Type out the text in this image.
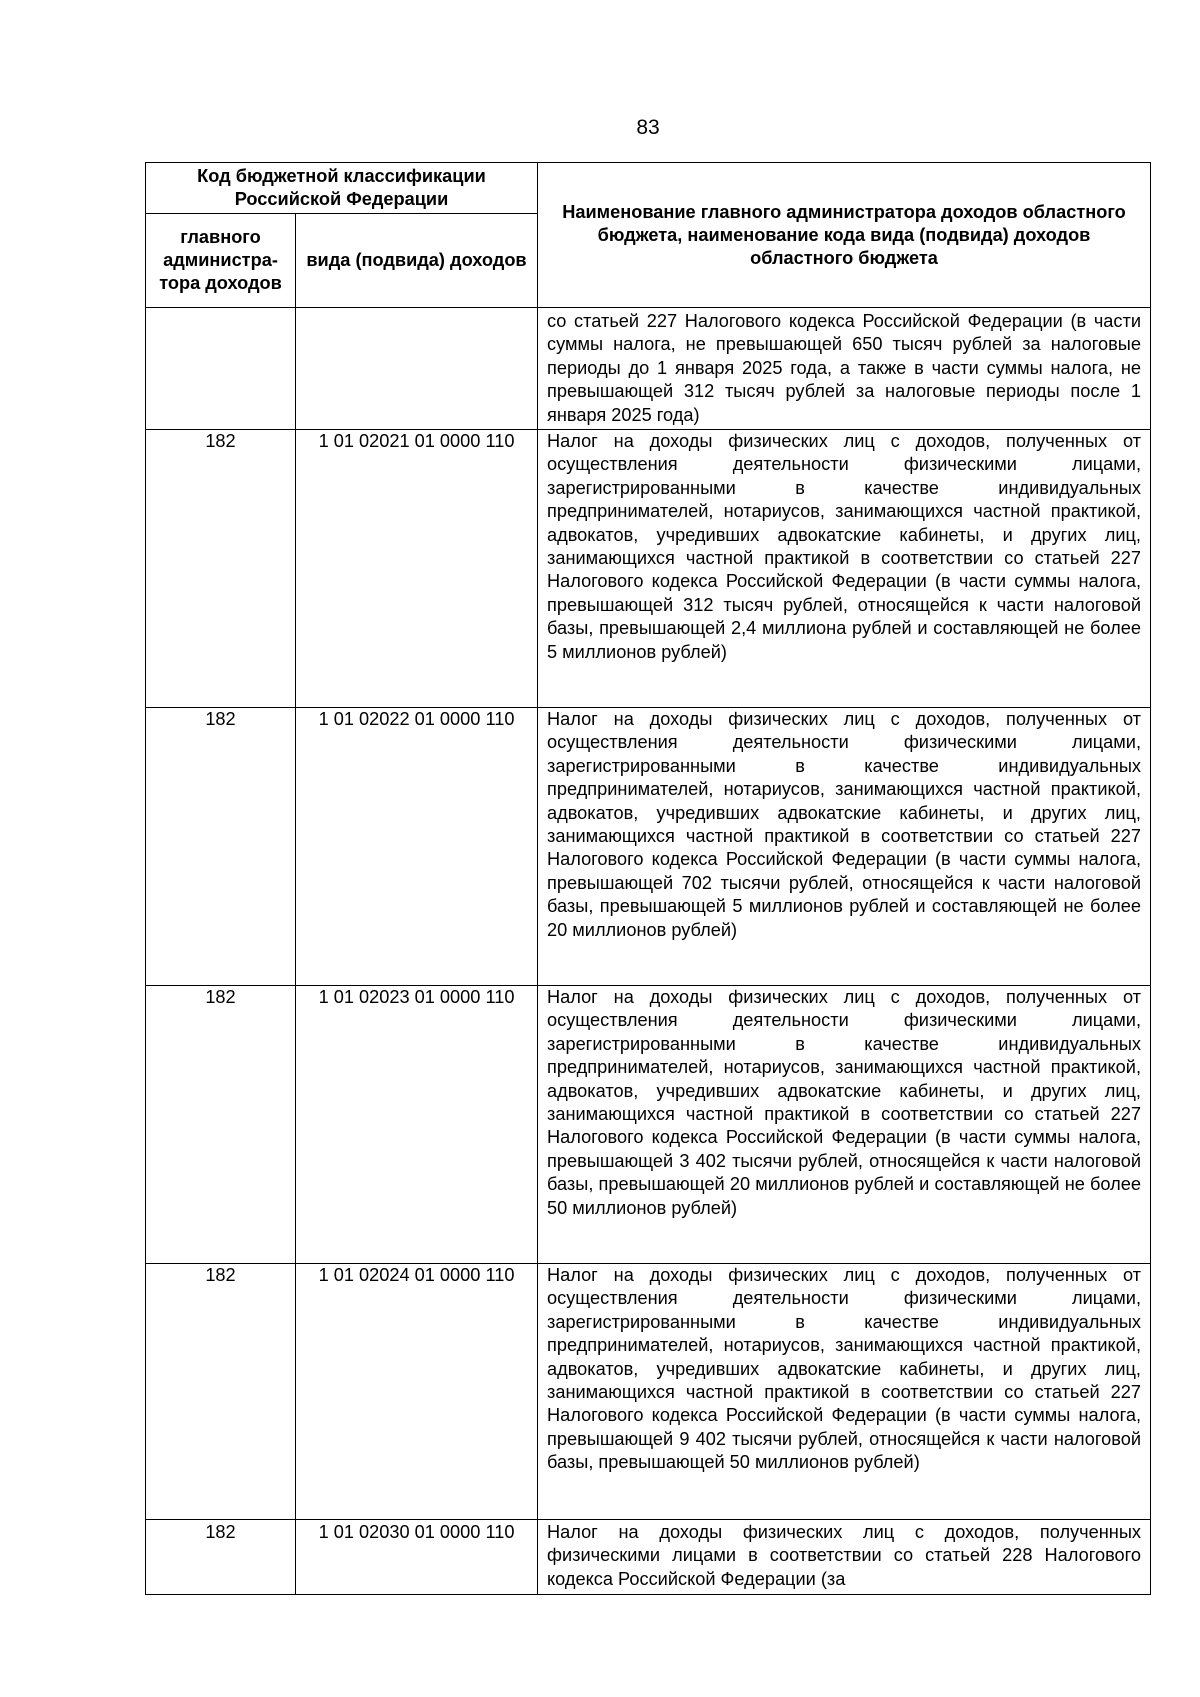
83
Код бюджетной классификации Российской Федерации		Наименование главного администратора доходов областного бюджета, наименование кода вида (подвида) доходов областного бюджета
главного администра-тора доходов	вида (подвида) доходов	
		со статьей 227 Налогового кодекса Российской Федерации (в части суммы налога, не превышающей 650 тысяч рублей за налоговые периоды до 1 января 2025 года, а также в части суммы налога, не превышающей 312 тысяч рублей за налоговые периоды после 1 января 2025 года)
182	1 01 02021 01 0000 110	Налог на доходы физических лиц с доходов, полученных от осуществления деятельности физическими лицами, зарегистрированными в качестве индивидуальных предпринимателей, нотариусов, занимающихся частной практикой, адвокатов, учредивших адвокатские кабинеты, и других лиц, занимающихся частной практикой в соответствии со статьей 227 Налогового кодекса Российской Федерации (в части суммы налога, превышающей 312 тысяч рублей, относящейся к части налоговой базы, превышающей 2,4 миллиона рублей и составляющей не более 5 миллионов рублей)
182	1 01 02022 01 0000 110	Налог на доходы физических лиц с доходов, полученных от осуществления деятельности физическими лицами, зарегистрированными в качестве индивидуальных предпринимателей, нотариусов, занимающихся частной практикой, адвокатов, учредивших адвокатские кабинеты, и других лиц, занимающихся частной практикой в соответствии со статьей 227 Налогового кодекса Российской Федерации (в части суммы налога, превышающей 702 тысячи рублей, относящейся к части налоговой базы, превышающей 5 миллионов рублей и составляющей не более 20 миллионов рублей)
182	1 01 02023 01 0000 110	Налог на доходы физических лиц с доходов, полученных от осуществления деятельности физическими лицами, зарегистрированными в качестве индивидуальных предпринимателей, нотариусов, занимающихся частной практикой, адвокатов, учредивших адвокатские кабинеты, и других лиц, занимающихся частной практикой в соответствии со статьей 227 Налогового кодекса Российской Федерации (в части суммы налога, превышающей 3 402 тысячи рублей, относящейся к части налоговой базы, превышающей 20 миллионов рублей и составляющей не более 50 миллионов рублей)
182	1 01 02024 01 0000 110	Налог на доходы физических лиц с доходов, полученных от осуществления деятельности физическими лицами, зарегистрированными в качестве индивидуальных предпринимателей, нотариусов, занимающихся частной практикой, адвокатов, учредивших адвокатские кабинеты, и других лиц, занимающихся частной практикой в соответствии со статьей 227 Налогового кодекса Российской Федерации (в части суммы налога, превышающей 9 402 тысячи рублей, относящейся к части налоговой базы, превышающей 50 миллионов рублей)
182	1 01 02030 01 0000 110	Налог на доходы физических лиц с доходов, полученных физическими лицами в соответствии со статьей 228 Налогового кодекса Российской Федерации (за
